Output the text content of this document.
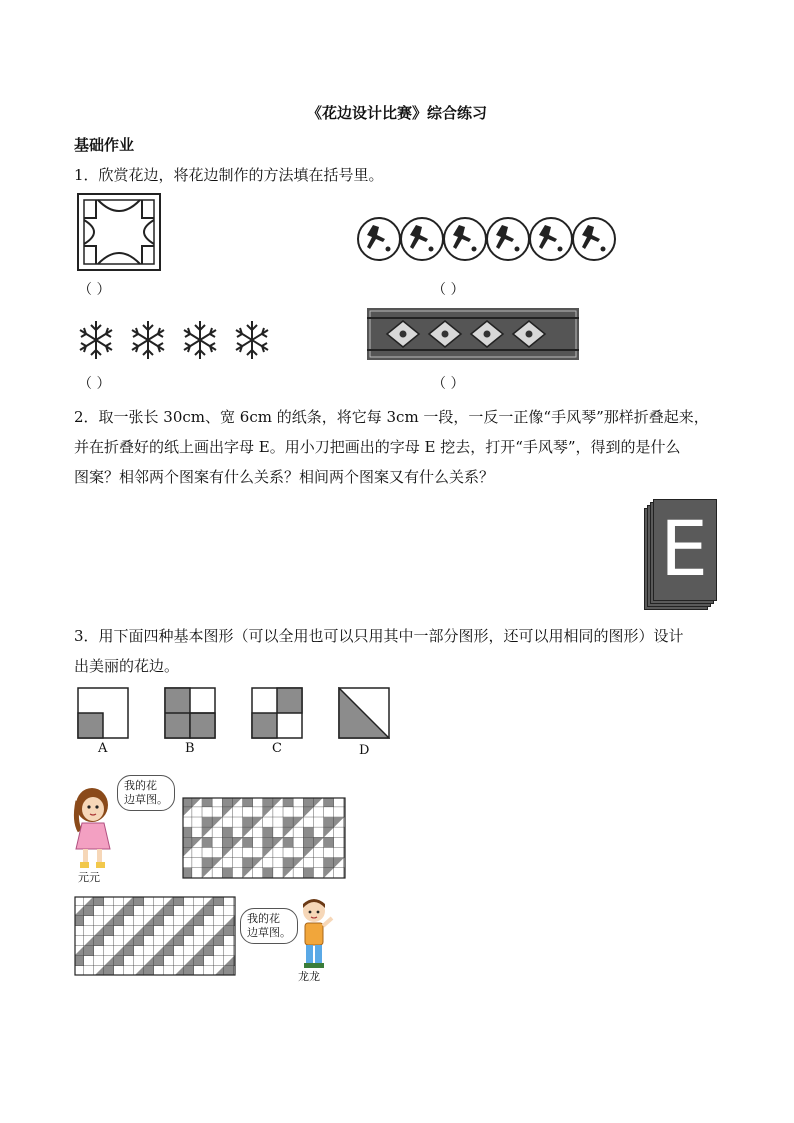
《花边设计比赛》综合练习
基础作业
1．欣赏花边，将花边制作的方法填在括号里。
（ ）	（ ）
（ ）	（ ）
2．取一张长 30cm、宽 6cm 的纸条，将它每 3cm 一段，一反一正像“手风琴”那样折叠起来，
并在折叠好的纸上画出字母 E。用小刀把画出的字母 E 挖去，打开“手风琴”，得到的是什么
图案？相邻两个图案有什么关系？相间两个图案又有什么关系？
E
3．用下面四种基本图形（可以全用也可以只用其中一部分图形，还可以用相同的图形）设计
出美丽的花边。
A	B	C	D
我的花
边草图。
元元
我的花
边草图。
龙龙
